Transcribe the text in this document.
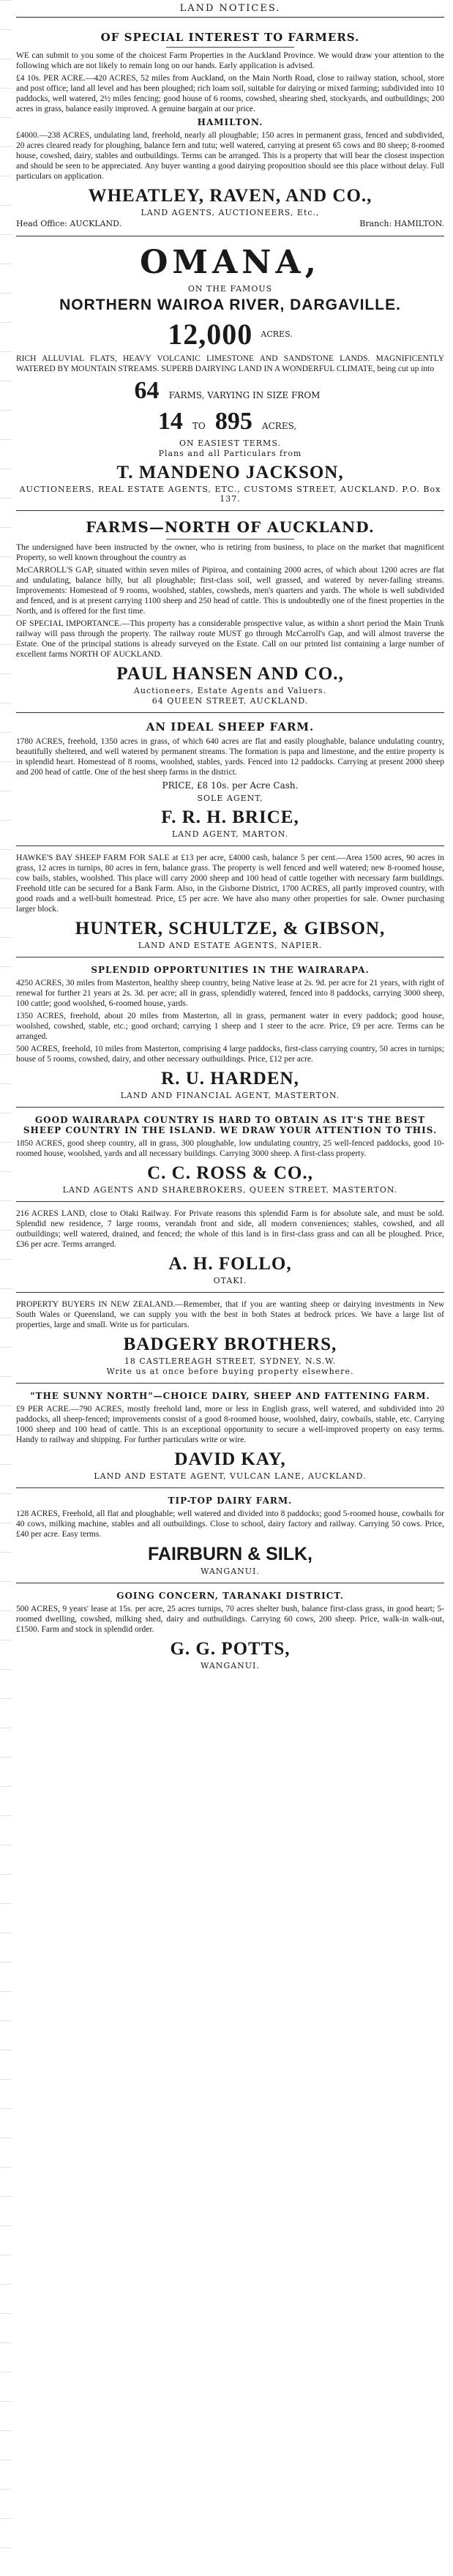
LAND NOTICES.
OF SPECIAL INTEREST TO FARMERS.

WE can submit to you some of the choicest Farm Properties in the Auckland Province. We would draw your attention to the following which are not likely to remain long on our hands. Early application is advised.

£4 10s. PER ACRE.—420 ACRES, 52 miles from Auckland, on the Main North Road, close to railway station, school, store and post office; land all level and has been ploughed; rich loam soil, suitable for dairying or mixed farming; subdivided into 10 paddocks, well watered, 2½ miles fencing; good house of 6 rooms, cowshed, shearing shed, stockyards, and outbuildings; 200 acres in grass, balance easily improved. A genuine bargain at our price.

HAMILTON.

£4000.—238 ACRES, undulating land, freehold, nearly all ploughable; 150 acres in permanent grass, fenced and subdivided, 20 acres cleared ready for ploughing, balance fern and tutu; well watered, carrying at present 65 cows and 80 sheep; 8-roomed house, cowshed, dairy, stables and outbuildings. Terms can be arranged. This is a property that will bear the closest inspection and should be seen to be appreciated. Any buyer wanting a good dairying proposition should see this place without delay. Full particulars on application.

WHEATLEY, RAVEN, AND CO.,
LAND AGENTS, AUCTIONEERS, Etc.,
Head Office: AUCKLAND.	Branch: HAMILTON.
OMANA,
ON THE FAMOUS
NORTHERN WAIROA RIVER, DARGAVILLE.
12,000 ACRES.

RICH ALLUVIAL FLATS, HEAVY VOLCANIC LIMESTONE AND SANDSTONE LANDS. MAGNIFICENTLY WATERED BY MOUNTAIN STREAMS. SUPERB DAIRYING LAND IN A WONDERFUL CLIMATE, being cut up into

64 FARMS, VARYING IN SIZE FROM
14 TO 895 ACRES,
ON EASIEST TERMS.
Plans and all Particulars from
T. MANDENO JACKSON,
AUCTIONEERS, REAL ESTATE AGENTS, ETC., CUSTOMS STREET, AUCKLAND. P.O. Box 137.
FARMS—NORTH OF AUCKLAND.

The undersigned have been instructed by the owner, who is retiring from business, to place on the market that magnificent Property, so well known throughout the country as

McCARROLL'S GAP, situated within seven miles of Pipiroa, and containing 2000 acres, of which about 1200 acres are flat and undulating, balance hilly, but all ploughable; first-class soil, well grassed, and watered by never-failing streams. Improvements: Homestead of 9 rooms, woolshed, stables, cowsheds, men's quarters and yards. The whole is well subdivided and fenced, and is at present carrying 1100 sheep and 250 head of cattle. This is undoubtedly one of the finest properties in the North, and is offered for the first time.

OF SPECIAL IMPORTANCE.—This property has a considerable prospective value, as within a short period the Main Trunk railway will pass through the property. The railway route MUST go through McCarroll's Gap, and will almost traverse the Estate. One of the principal stations is already surveyed on the Estate. Call on our printed list containing a large number of excellent farms NORTH OF AUCKLAND.

PAUL HANSEN AND CO.,
Auctioneers, Estate Agents and Valuers.
64 QUEEN STREET, AUCKLAND.
AN IDEAL SHEEP FARM.

1780 ACRES, freehold, 1350 acres in grass, of which 640 acres are flat and easily ploughable, balance undulating country, beautifully sheltered, and well watered by permanent streams. The formation is papa and limestone, and the entire property is in splendid heart. Homestead of 8 rooms, woolshed, stables, yards. Fenced into 12 paddocks. Carrying at present 2000 sheep and 200 head of cattle. One of the best sheep farms in the district.

PRICE, £8 10s. per Acre Cash.
SOLE AGENT,
F. R. H. BRICE,
LAND AGENT, MARTON.

HAWKE'S BAY SHEEP FARM FOR SALE at £13 per acre, £4000 cash, balance 5 per cent.—Area 1500 acres, 90 acres in grass, 12 acres in turnips, 80 acres in fern, balance grass. The property is well fenced and well watered; new 8-roomed house, cow bails, stables, woolshed. This place will carry 2000 sheep and 100 head of cattle together with necessary farm buildings. Freehold title can be secured for a Bank Farm. Also, in the Gisborne District, 1700 ACRES, all partly improved country, with good roads and a well-built homestead. Price, £5 per acre. We have also many other properties for sale. Owner purchasing larger block.

HUNTER, SCHULTZE, & GIBSON,
LAND AND ESTATE AGENTS, NAPIER.
SPLENDID OPPORTUNITIES IN THE WAIRARAPA.

4250 ACRES, 30 miles from Masterton, healthy sheep country, being Native lease at 2s. 9d. per acre for 21 years, with right of renewal for further 21 years at 2s. 3d. per acre; all in grass, splendidly watered, fenced into 8 paddocks, carrying 3000 sheep, 100 cattle; good woolshed, 6-roomed house, yards.

1350 ACRES, freehold, about 20 miles from Masterton, all in grass, permanent water in every paddock; good house, woolshed, cowshed, stable, etc.; good orchard; carrying 1 sheep and 1 steer to the acre. Price, £9 per acre. Terms can be arranged.

500 ACRES, freehold, 10 miles from Masterton, comprising 4 large paddocks, first-class carrying country, 50 acres in turnips; house of 5 rooms, cowshed, dairy, and other necessary outbuildings. Price, £12 per acre.

R. U. HARDEN,
LAND AND FINANCIAL AGENT, MASTERTON.
GOOD WAIRARAPA COUNTRY IS HARD TO OBTAIN AS IT'S THE BEST SHEEP COUNTRY IN THE ISLAND. WE DRAW YOUR ATTENTION TO THIS.

1850 ACRES, good sheep country, all in grass, 300 ploughable, low undulating country, 25 well-fenced paddocks, good 10-roomed house, woolshed, yards and all necessary buildings. Carrying 3000 sheep. A first-class property.

C. C. ROSS & CO.,
LAND AGENTS AND SHAREBROKERS, QUEEN STREET, MASTERTON.

216 ACRES LAND, close to Otaki Railway. For Private reasons this splendid Farm is for absolute sale, and must be sold. Splendid new residence, 7 large rooms, verandah front and side, all modern conveniences; stables, cowshed, and all outbuildings; well watered, drained, and fenced; the whole of this land is in first-class grass and can all be ploughed. Price, £36 per acre. Terms arranged.

A. H. FOLLO,
OTAKI.

PROPERTY BUYERS IN NEW ZEALAND.—Remember, that if you are wanting sheep or dairying investments in New South Wales or Queensland, we can supply you with the best in both States at bedrock prices. We have a large list of properties, large and small. Write us for particulars.

BADGERY BROTHERS,
18 CASTLEREAGH STREET, SYDNEY, N.S.W.
Write us at once before buying property elsewhere.
"THE SUNNY NORTH"—CHOICE DAIRY, SHEEP AND FATTENING FARM.

£9 PER ACRE.—790 ACRES, mostly freehold land, more or less in English grass, well watered, and subdivided into 20 paddocks, all sheep-fenced; improvements consist of a good 8-roomed house, woolshed, dairy, cowbails, stable, etc. Carrying 1000 sheep and 100 head of cattle. This is an exceptional opportunity to secure a well-improved property on easy terms. Handy to railway and shipping. For further particulars write or wire.

DAVID KAY,
LAND AND ESTATE AGENT, VULCAN LANE, AUCKLAND.
TIP-TOP DAIRY FARM.

128 ACRES, Freehold, all flat and ploughable; well watered and divided into 8 paddocks; good 5-roomed house, cowbails for 40 cows, milking machine, stables and all outbuildings. Close to school, dairy factory and railway. Carrying 50 cows. Price, £40 per acre. Easy terms.

FAIRBURN & SILK,
WANGANUI.
GOING CONCERN, TARANAKI DISTRICT.

500 ACRES, 9 years' lease at 15s. per acre, 25 acres turnips, 70 acres shelter bush, balance first-class grass, in good heart; 5-roomed dwelling, cowshed, milking shed, dairy and outbuildings. Carrying 60 cows, 200 sheep. Price, walk-in walk-out, £1500. Farm and stock in splendid order.

G. G. POTTS,
WANGANUI.
